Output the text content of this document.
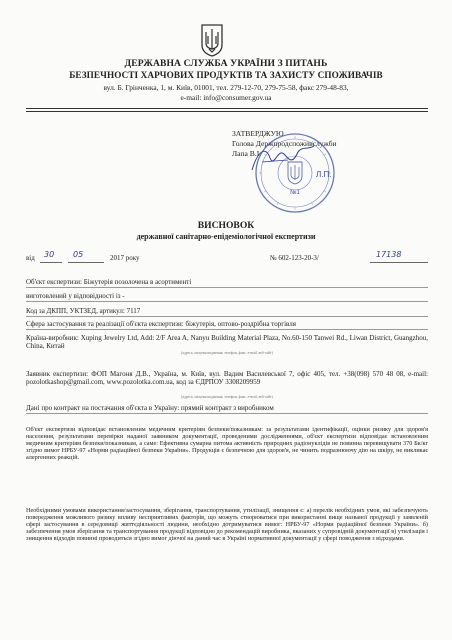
ДЕРЖАВНА СЛУЖБА УКРАЇНИ З ПИТАНЬ
БЕЗПЕЧНОСТІ ХАРЧОВИХ ПРОДУКТІВ ТА ЗАХИСТУ СПОЖИВАЧІВ
вул. Б. Грінченка, 1, м. Київ, 01001, тел. 279-12-70, 279-75-58, факс 279-48-83,
e-mail: info@consumer.gov.ua
ЗАТВЕРДЖУЮ
Голова Держпродспоживслужби
Лапа В.І.
№1
Л.П.
ВИСНОВОК
державної санітарно-епідеміологічної експертизи
від 30 05	2017 року	№ 602-123-20-3/	17138
Об'єкт експертизи: Біжутерія позолочена в асортименті
виготовлений у відповідності із -
Код за ДКПП, УКТЗЕД, артикул: 7117
Сфера застосування та реалізації об'єкта експертизи: біжутерія, оптово-роздрібна торгівля
Країна-виробник: Xuping Jewelry Ltd, Add: 2/F Area A, Nanyu Building Material Plaza, No.60-150 Tanwei Rd., Liwan District, Guangzhou, China, Китай
(адреса, місцезнаходження, телефон, факс, e-mail, веб-сайт)
Заявник експертизи: ФОП Магоня Д.В., Україна, м. Київ, вул. Вадим Василевської 7, офіс 405, тел. +38(098) 570 48 08, e-mail: pozolotkashop@gmail.com, www.pozolotka.com.ua, код за ЄДРПОУ 3308209959
(адреса, місцезнаходження, телефон, факс, e-mail, веб-сайт)
Дані про контракт на постачання об'єкта в Україну: прямий контракт з виробником
Об'єкт експертизи відповідає встановленим медичним критеріям безпеки/показникам: за результатами ідентифікації, оцінки ризику для здоров'я населення, результатами перевірки наданої заявником документації, проведеними дослідженнями, об'єкт експертизи відповідає встановленим медичним критеріям безпеки/показникам, а саме: Ефективна сумарна питома активність природних радіонуклідів не повинна перевищувати 370 Бк/кг згідно вимог НРБУ-97 «Норми радіаційної безпеки України». Продукція є безпечною для здоров'я, не чинить подразнюючу дію на шкіру, не викликає алергенних реакцій.
Необхідними умовами використання/застосування, зберігання, транспортування, утилізації, знищення є: а) перелік необхідних умов, які забезпечують повередження можливого ризику впливу несприятливих факторів, що можуть створюватися при використанні вище названої продукції у заявленій сфері застосування в середовищі життєдіяльності людини, необхідно дотримуватися вимог: НРБУ-97 «Норми радіаційної безпеки України». б) забезпечення умов зберігання та транспортування продукції відповідно до рекомендацій виробника, вказаних у супровідній документації в) утилізація і знищення відходів повинні проводиться згідно вимог діючої на даний час в Україні нормативної документації у сфері поводження з відходами.
